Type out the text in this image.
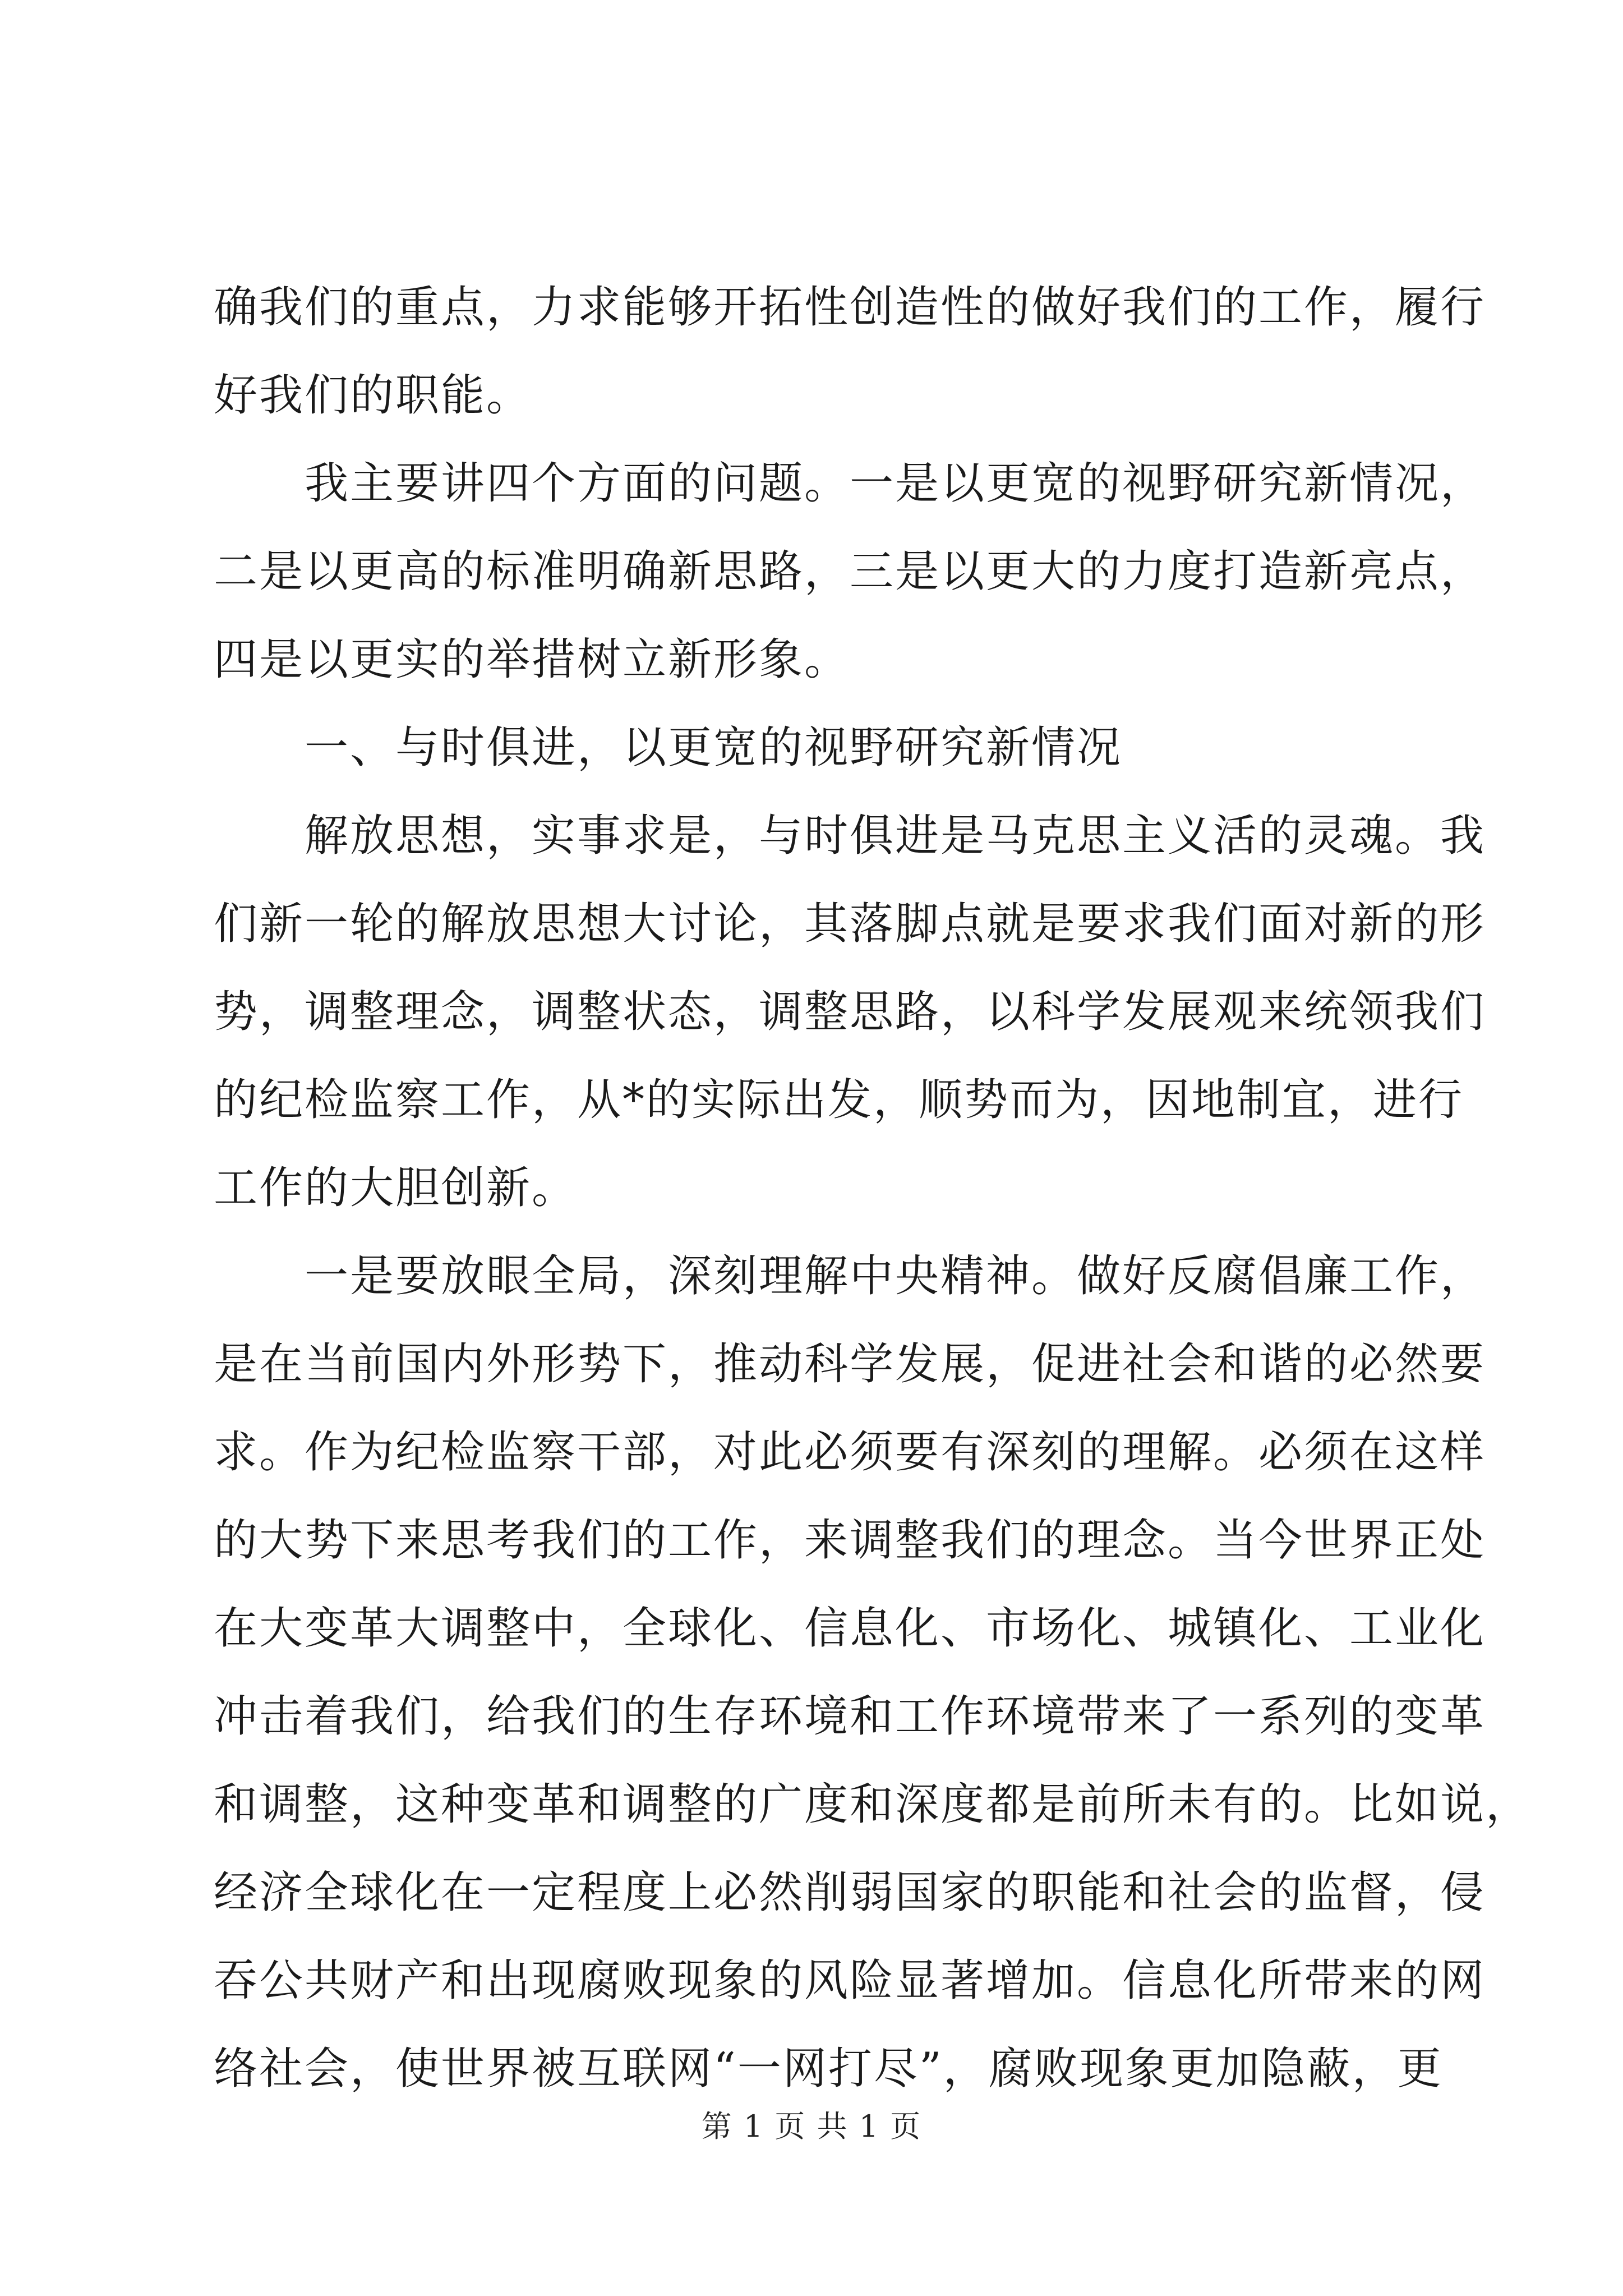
确我们的重点，力求能够开拓性创造性的做好我们的工作，履行
好我们的职能。
我主要讲四个方面的问题。一是以更宽的视野研究新情况，
二是以更高的标准明确新思路，三是以更大的力度打造新亮点，
四是以更实的举措树立新形象。
一、与时俱进，以更宽的视野研究新情况
解放思想，实事求是，与时俱进是马克思主义活的灵魂。我
们新一轮的解放思想大讨论，其落脚点就是要求我们面对新的形
势，调整理念，调整状态，调整思路，以科学发展观来统领我们
的纪检监察工作，从*的实际出发，顺势而为，因地制宜，进行
工作的大胆创新。
一是要放眼全局，深刻理解中央精神。做好反腐倡廉工作，
是在当前国内外形势下，推动科学发展，促进社会和谐的必然要
求。作为纪检监察干部，对此必须要有深刻的理解。必须在这样
的大势下来思考我们的工作，来调整我们的理念。当今世界正处
在大变革大调整中，全球化、信息化、市场化、城镇化、工业化
冲击着我们，给我们的生存环境和工作环境带来了一系列的变革
和调整，这种变革和调整的广度和深度都是前所未有的。比如说，
经济全球化在一定程度上必然削弱国家的职能和社会的监督，侵
吞公共财产和出现腐败现象的风险显著增加。信息化所带来的网
络社会，使世界被互联网“一网打尽”，腐败现象更加隐蔽，更
第 1 页 共 1 页
